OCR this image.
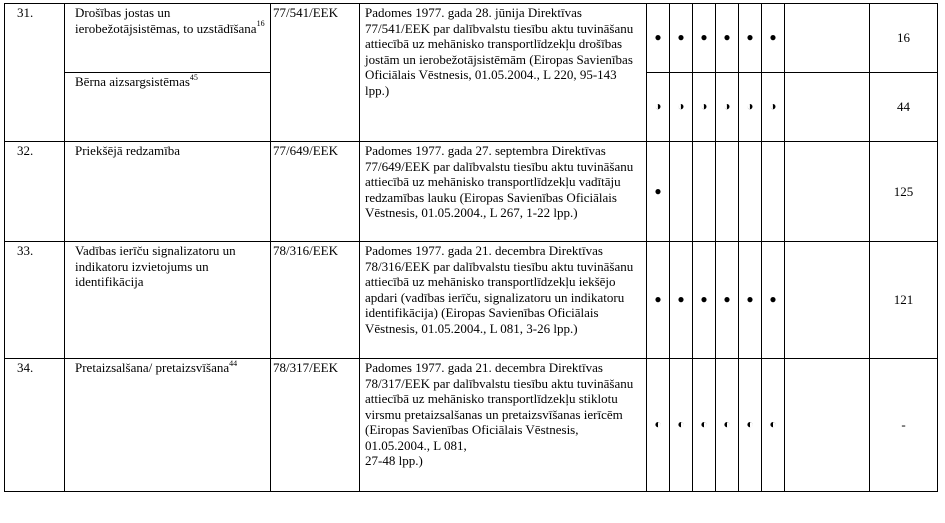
31.	Drošības jostas un ierobežotājsistēmas, to uzstādīšana$^{16}$	77/541/EEK	Padomes 1977. gada 28. jūnija Direktīvas 77/541/EEK par dalībvalstu tiesību aktu tuvināšanu attiecībā uz mehānisko transportlīdzekļu drošības jostām un ierobežotājsistēmām (Eiropas Savienības Oficiālais Vēstnesis, 01.05.2004., L 220, 95-143 lpp.)	●	●	●	●	●	●		16
	Bērna aizsargsistēmas$^{45}$			◑	◑	◑	◑	◑	◑		44
32.	Priekšējā redzamība	77/649/EEK	Padomes 1977. gada 27. septembra Direktīvas 77/649/EEK par dalībvalstu tiesību aktu tuvināšanu attiecībā uz mehānisko transportlīdzekļu vadītāju redzamības lauku (Eiropas Savienības Oficiālais Vēstnesis, 01.05.2004., L 267, 1-22 lpp.)	●							125
33.	Vadības ierīču signalizatoru un indikatoru izvietojums un identifikācija	78/316/EEK	Padomes 1977. gada 21. decembra Direktīvas 78/316/EEK par dalībvalstu tiesību aktu tuvināšanu attiecībā uz mehānisko transportlīdzekļu iekšējo apdari (vadības ierīču, signalizatoru un indikatoru identifikācija) (Eiropas Savienības Oficiālais Vēstnesis, 01.05.2004., L 081, 3-26 lpp.)	●	●	●	●	●	●		121
34.	Pretaizsalšana/ pretaizsvīšana$^{44}$	78/317/EEK	Padomes 1977. gada 21. decembra Direktīvas 78/317/EEK par dalībvalstu tiesību aktu tuvināšanu attiecībā uz mehānisko transportlīdzekļu stiklotu virsmu pretaizsalšanas un pretaizsvīšanas ierīcēm (Eiropas Savienības Oficiālais Vēstnesis, 01.05.2004., L 081,
27-48 lpp.)	◐	◐	◐	◐	◐	◐		-
